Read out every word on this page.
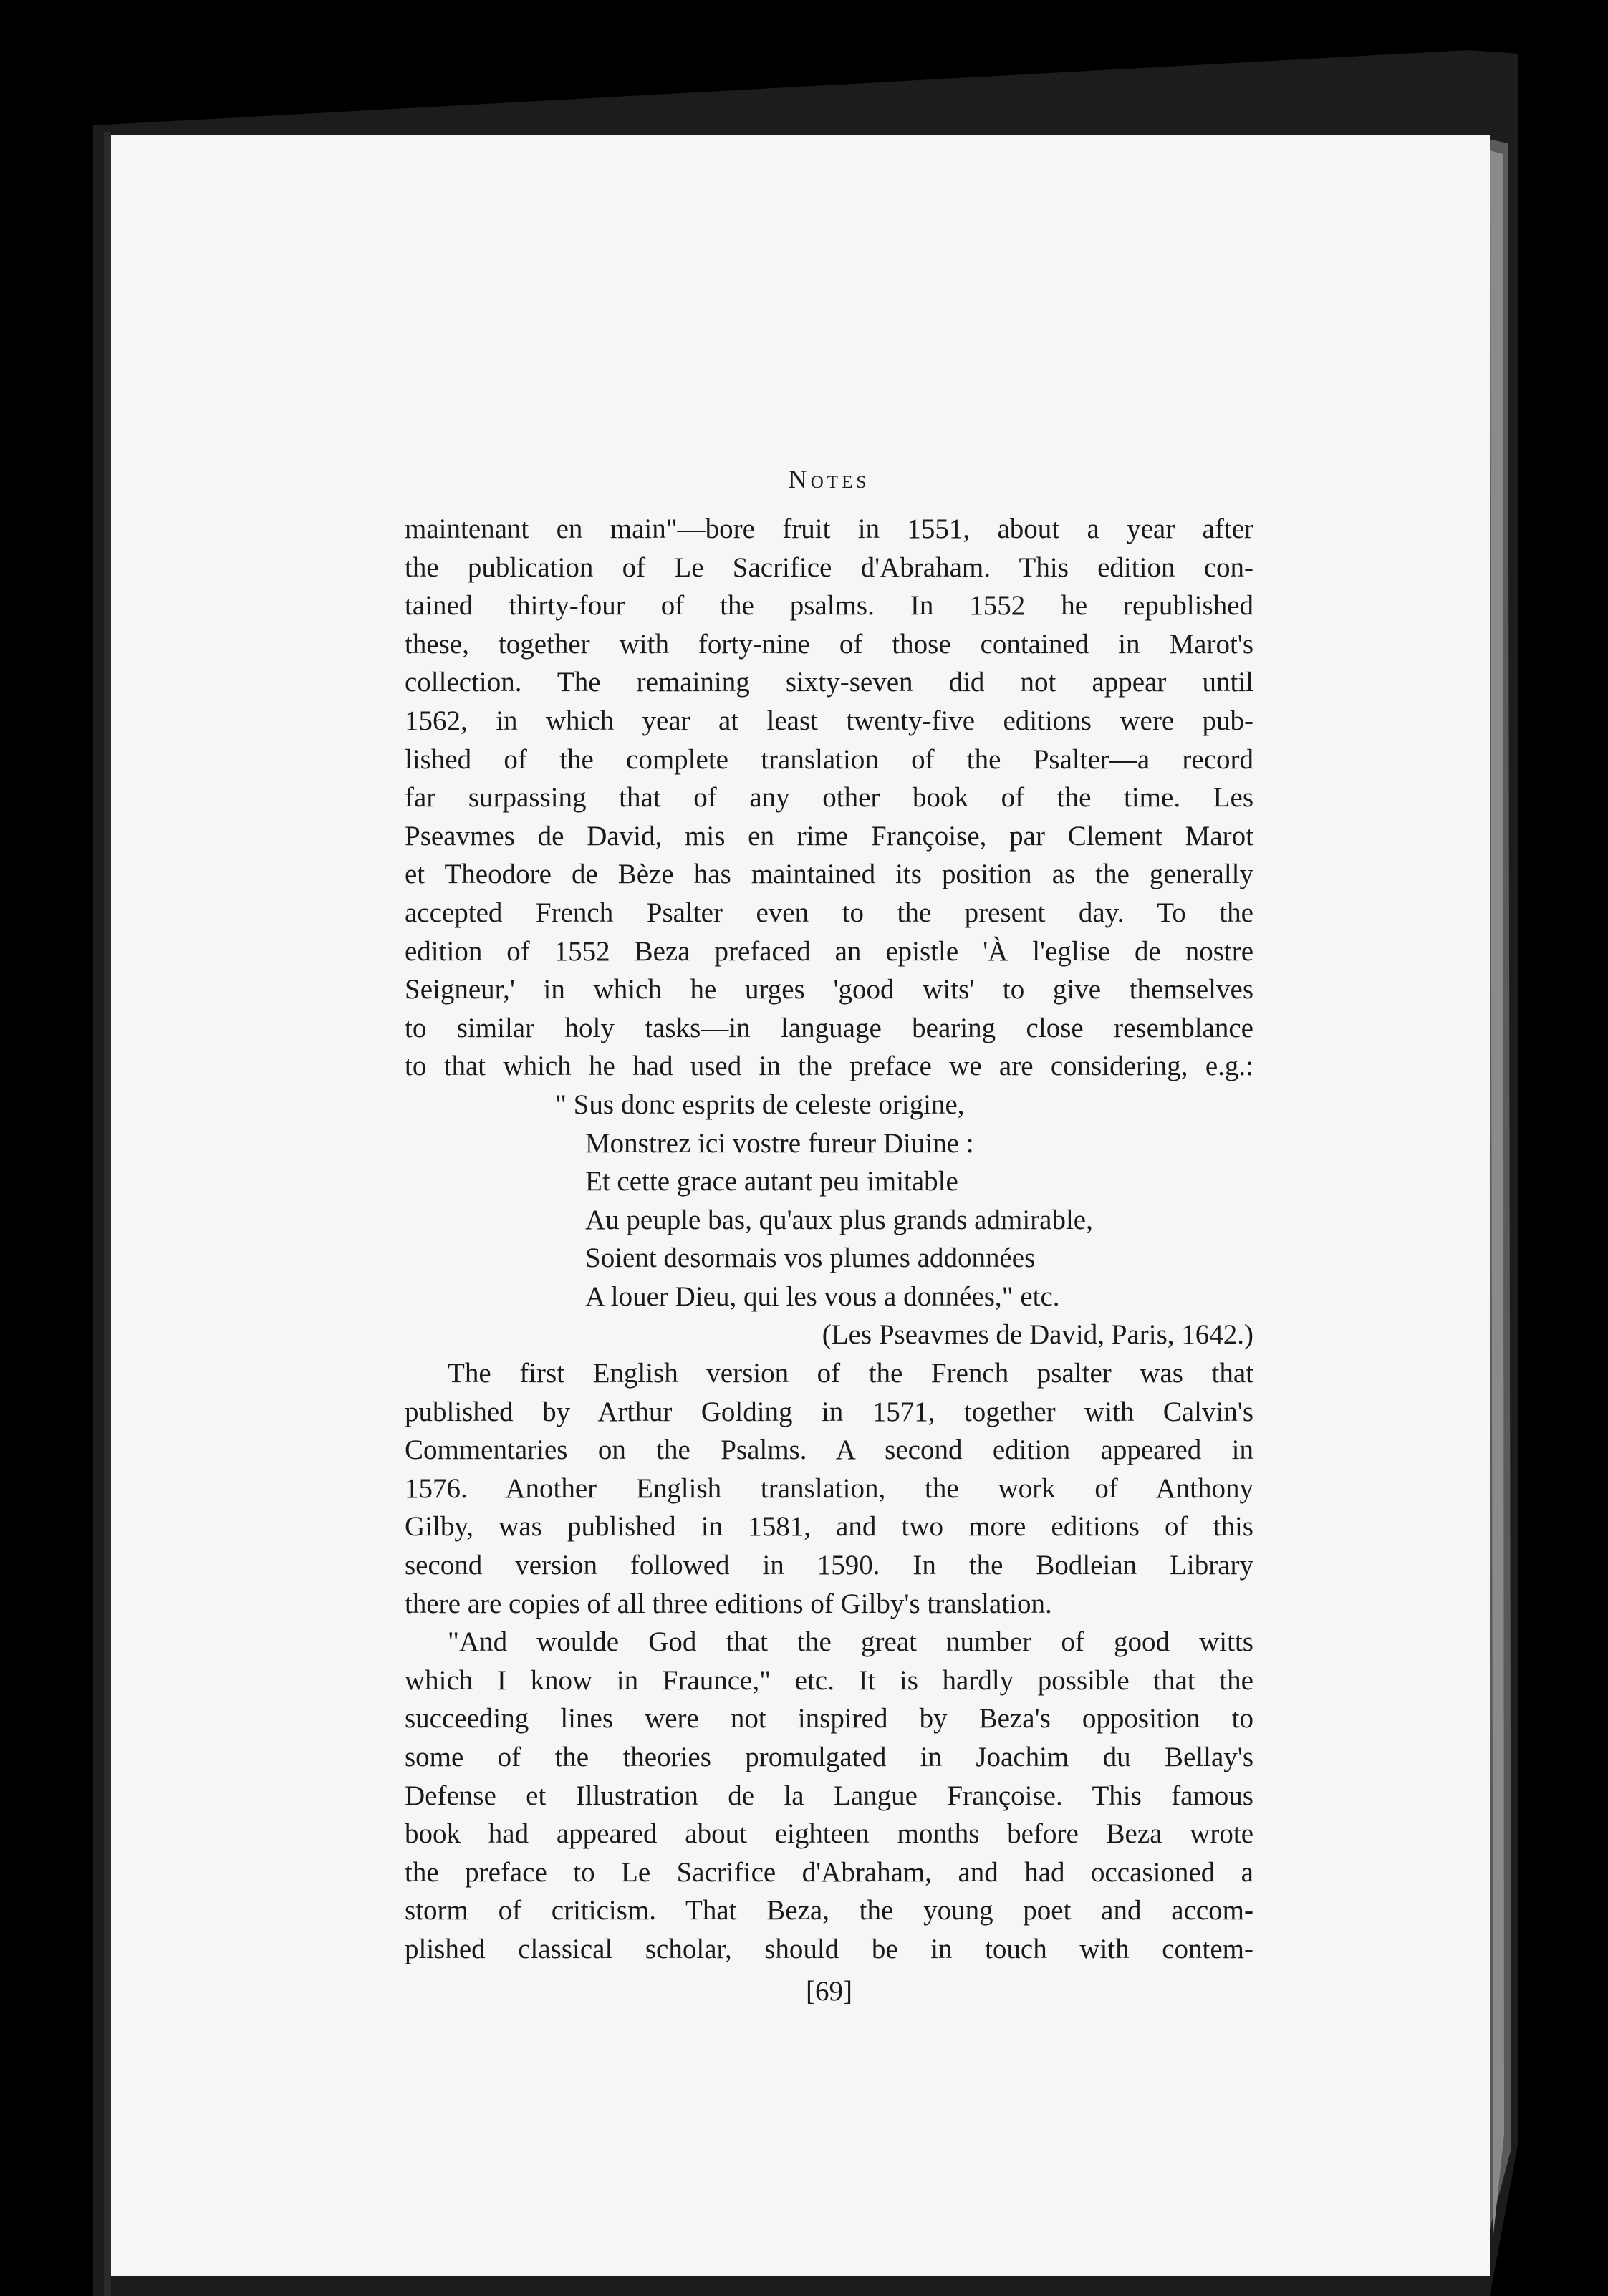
Notes
maintenant en main"—bore fruit in 1551, about a year after
the publication of Le Sacrifice d'Abraham. This edition con-
tained thirty-four of the psalms. In 1552 he republished
these, together with forty-nine of those contained in Marot's
collection. The remaining sixty-seven did not appear until
1562, in which year at least twenty-five editions were pub-
lished of the complete translation of the Psalter—a record
far surpassing that of any other book of the time. Les
Pseavmes de David, mis en rime Françoise, par Clement Marot
et Theodore de Bèze has maintained its position as the generally
accepted French Psalter even to the present day. To the
edition of 1552 Beza prefaced an epistle 'À l'eglise de nostre
Seigneur,' in which he urges 'good wits' to give themselves
to similar holy tasks—in language bearing close resemblance
to that which he had used in the preface we are considering, e.g.:
" Sus donc esprits de celeste origine,
Monstrez ici vostre fureur Diuine :
Et cette grace autant peu imitable
Au peuple bas, qu'aux plus grands admirable,
Soient desormais vos plumes addonnées
A louer Dieu, qui les vous a données," etc.
(Les Pseavmes de David, Paris, 1642.)
The first English version of the French psalter was that
published by Arthur Golding in 1571, together with Calvin's
Commentaries on the Psalms. A second edition appeared in
1576. Another English translation, the work of Anthony
Gilby, was published in 1581, and two more editions of this
second version followed in 1590. In the Bodleian Library
there are copies of all three editions of Gilby's translation.
"And woulde God that the great number of good witts
which I know in Fraunce," etc. It is hardly possible that the
succeeding lines were not inspired by Beza's opposition to
some of the theories promulgated in Joachim du Bellay's
Defense et Illustration de la Langue Françoise. This famous
book had appeared about eighteen months before Beza wrote
the preface to Le Sacrifice d'Abraham, and had occasioned a
storm of criticism. That Beza, the young poet and accom-
plished classical scholar, should be in touch with contem-
[69]
